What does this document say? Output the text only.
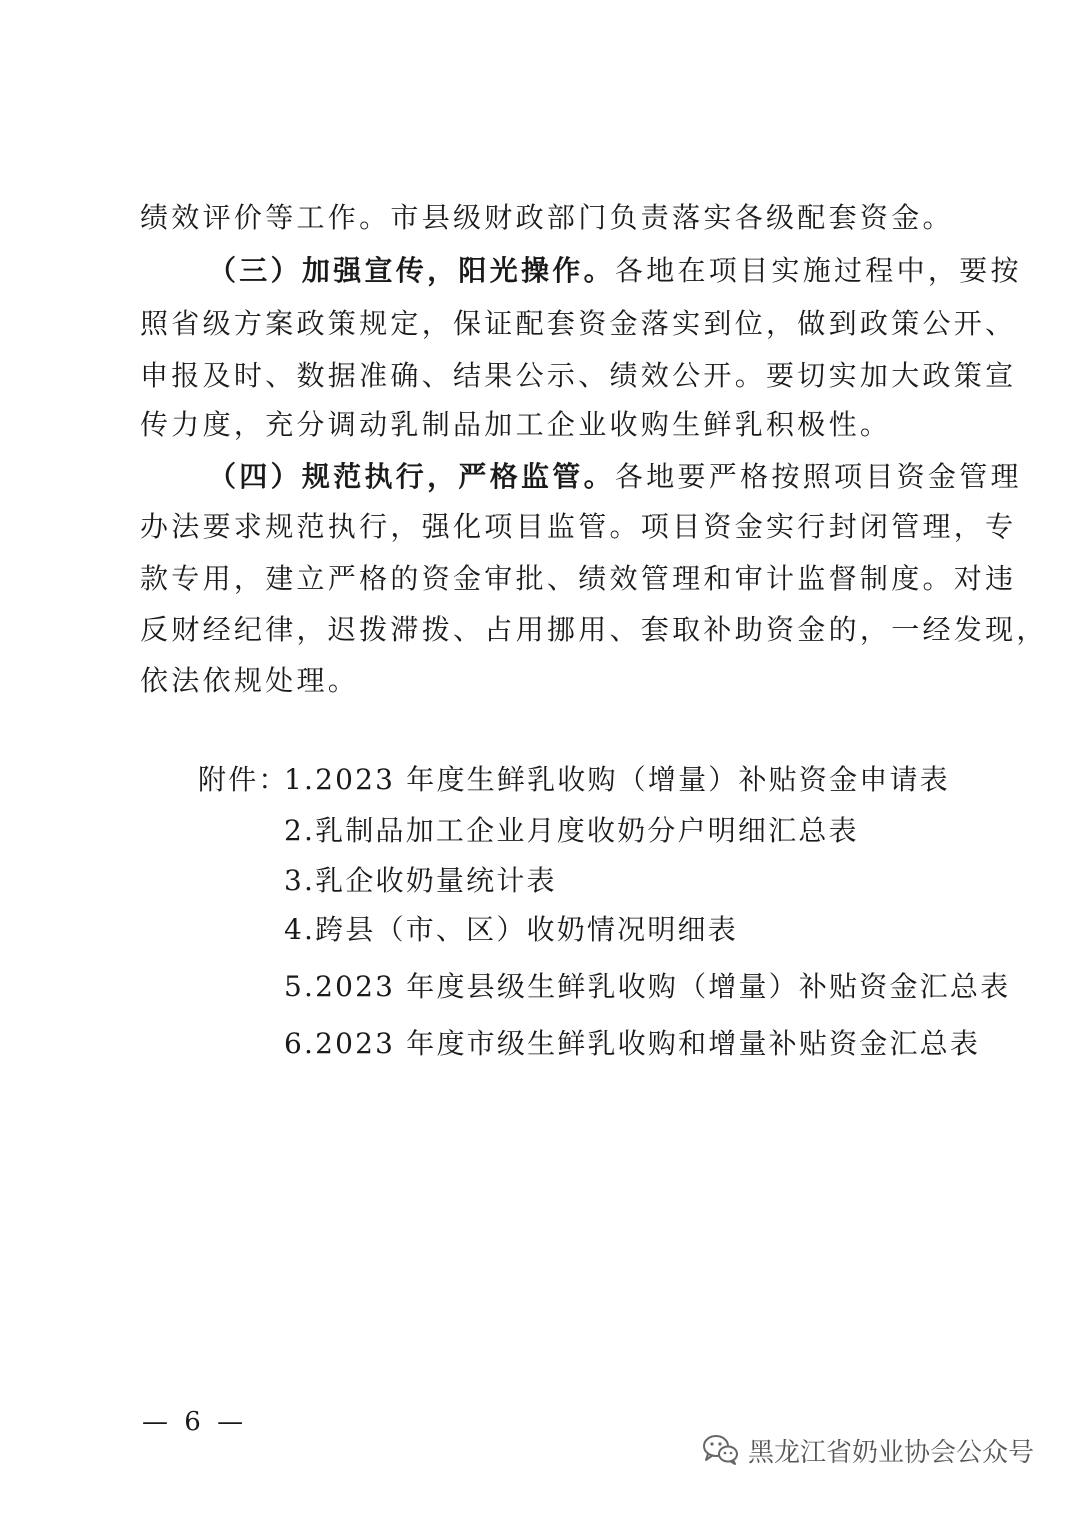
绩效评价等工作。市县级财政部门负责落实各级配套资金。
（三）加强宣传，阳光操作。各地在项目实施过程中，要按
照省级方案政策规定，保证配套资金落实到位，做到政策公开、
申报及时、数据准确、结果公示、绩效公开。要切实加大政策宣
传力度，充分调动乳制品加工企业收购生鲜乳积极性。
（四）规范执行，严格监管。各地要严格按照项目资金管理
办法要求规范执行，强化项目监管。项目资金实行封闭管理，专
款专用，建立严格的资金审批、绩效管理和审计监督制度。对违
反财经纪律，迟拨滞拨、占用挪用、套取补助资金的，一经发现，
依法依规处理。
附件：
1.2023 年度生鲜乳收购（增量）补贴资金申请表
2.乳制品加工企业月度收奶分户明细汇总表
3.乳企收奶量统计表
4.跨县（市、区）收奶情况明细表
5.2023 年度县级生鲜乳收购（增量）补贴资金汇总表
6.2023 年度市级生鲜乳收购和增量补贴资金汇总表
— 6 —
黑龙江省奶业协会公众号
